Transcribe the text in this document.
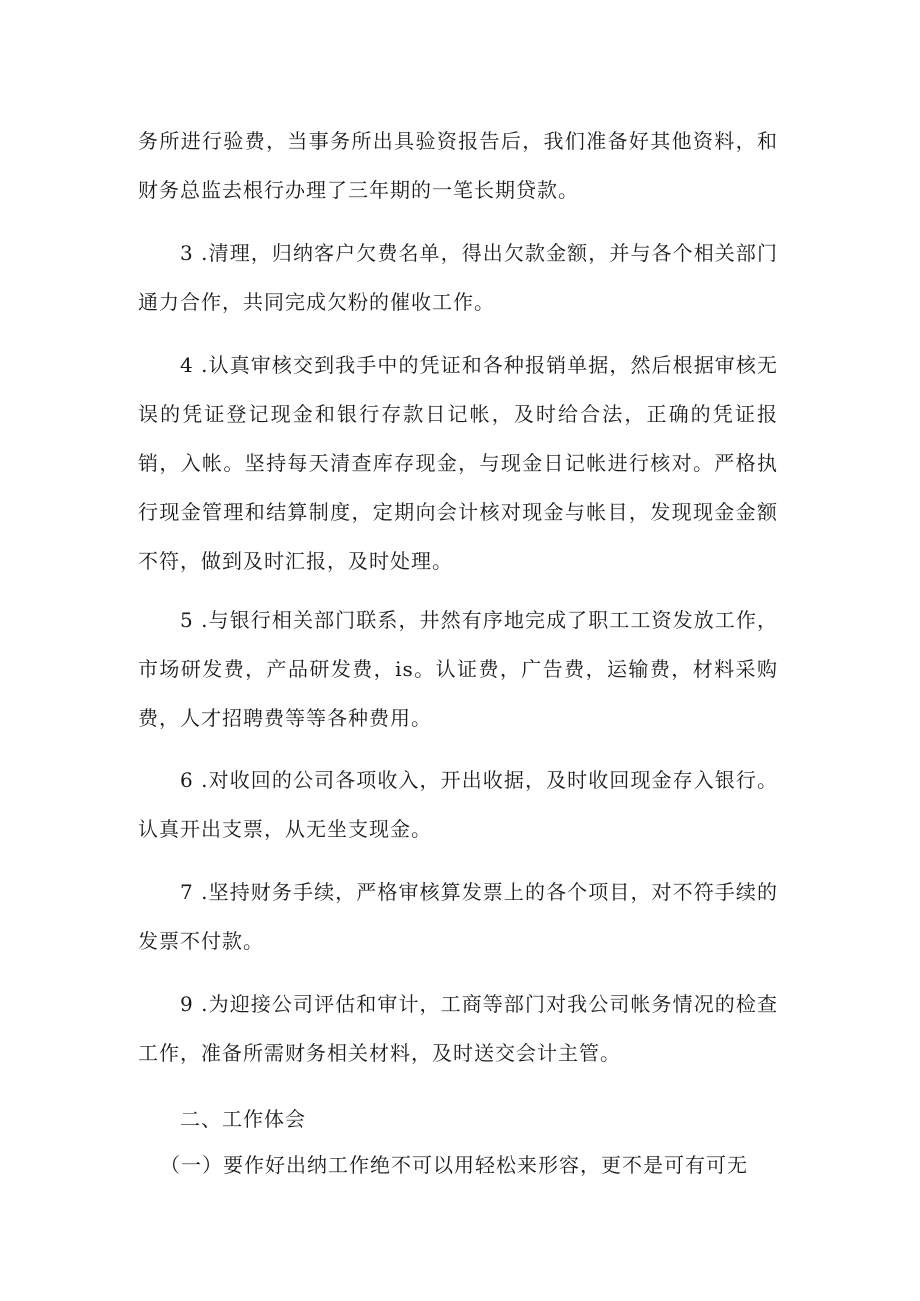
务所进行验费，当事务所出具验资报告后，我们准备好其他资料，和财务总监去根行办理了三年期的一笔长期贷款。
3 .清理，归纳客户欠费名单，得出欠款金额，并与各个相关部门通力合作，共同完成欠粉的催收工作。
4 .认真审核交到我手中的凭证和各种报销单据，然后根据审核无误的凭证登记现金和银行存款日记帐，及时给合法，正确的凭证报销，入帐。坚持每天清查库存现金，与现金日记帐进行核对。严格执行现金管理和结算制度，定期向会计核对现金与帐目，发现现金金额不符，做到及时汇报，及时处理。
5 .与银行相关部门联系，井然有序地完成了职工工资发放工作，市场研发费，产品研发费，is。认证费，广告费，运输费，材料采购费，人才招聘费等等各种费用。
6 .对收回的公司各项收入，开出收据，及时收回现金存入银行。认真开出支票，从无坐支现金。
7 .坚持财务手续，严格审核算发票上的各个项目，对不符手续的发票不付款。
9 .为迎接公司评估和审计，工商等部门对我公司帐务情况的检查工作，准备所需财务相关材料，及时送交会计主管。
二、工作体会
（一）要作好出纳工作绝不可以用轻松来形容，更不是可有可无
